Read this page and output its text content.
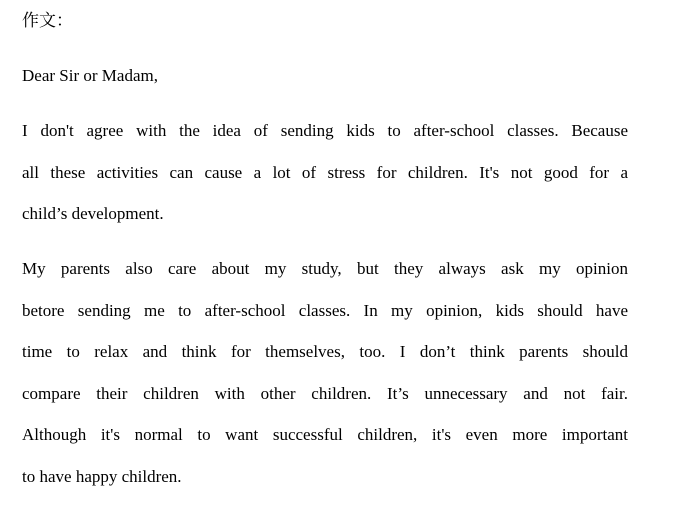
作文：
Dear Sir or Madam,
I don't agree with the idea of sending kids to after-school classes. Because
all these activities can cause a lot of stress for children. It's not good for a
child’s development.
My parents also care about my study, but they always ask my opinion
betore sending me to after-school classes. In my opinion, kids should have
time to relax and think for themselves, too. I don’t think parents should
compare their children with other children. It’s unnecessary and not fair.
Although it's normal to want successful children, it's even more important
to have happy children.
